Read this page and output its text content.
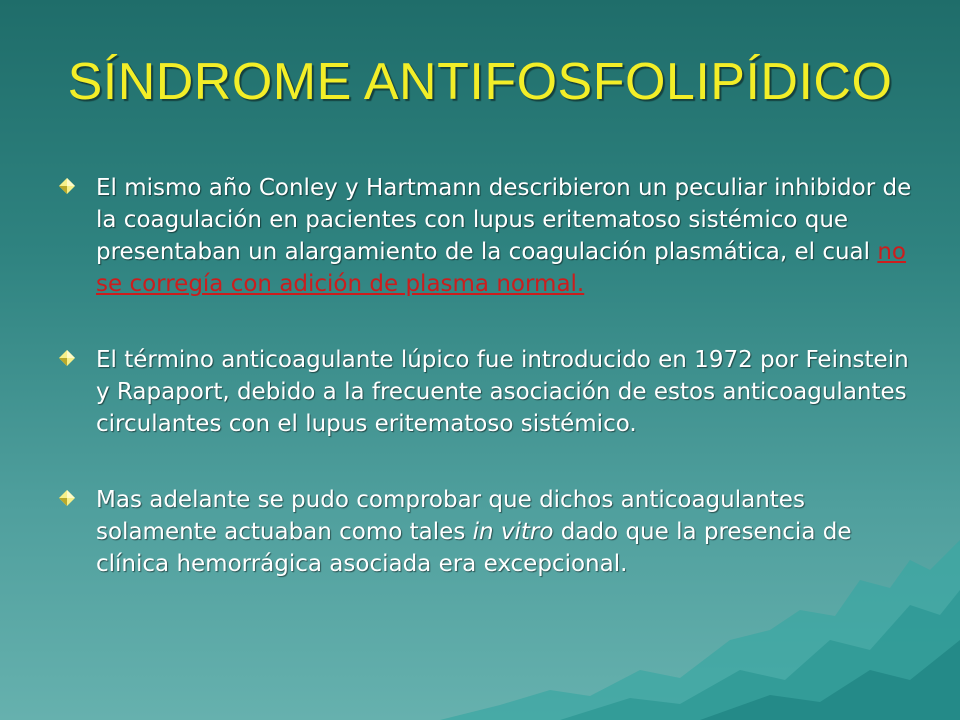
SÍNDROME ANTIFOSFOLIPÍDICO
El mismo año Conley y Hartmann describieron un peculiar inhibidor de la coagulación en pacientes con lupus eritematoso sistémico que presentaban un alargamiento de la coagulación plasmática, el cual no se corregía con adición de plasma normal.
El término anticoagulante lúpico fue introducido en 1972 por Feinstein y Rapaport, debido a la frecuente asociación de estos anticoagulantes circulantes con el lupus eritematoso sistémico.
Mas adelante se pudo comprobar que dichos anticoagulantes solamente actuaban como tales in vitro dado que la presencia de clínica hemorrágica asociada era excepcional.
